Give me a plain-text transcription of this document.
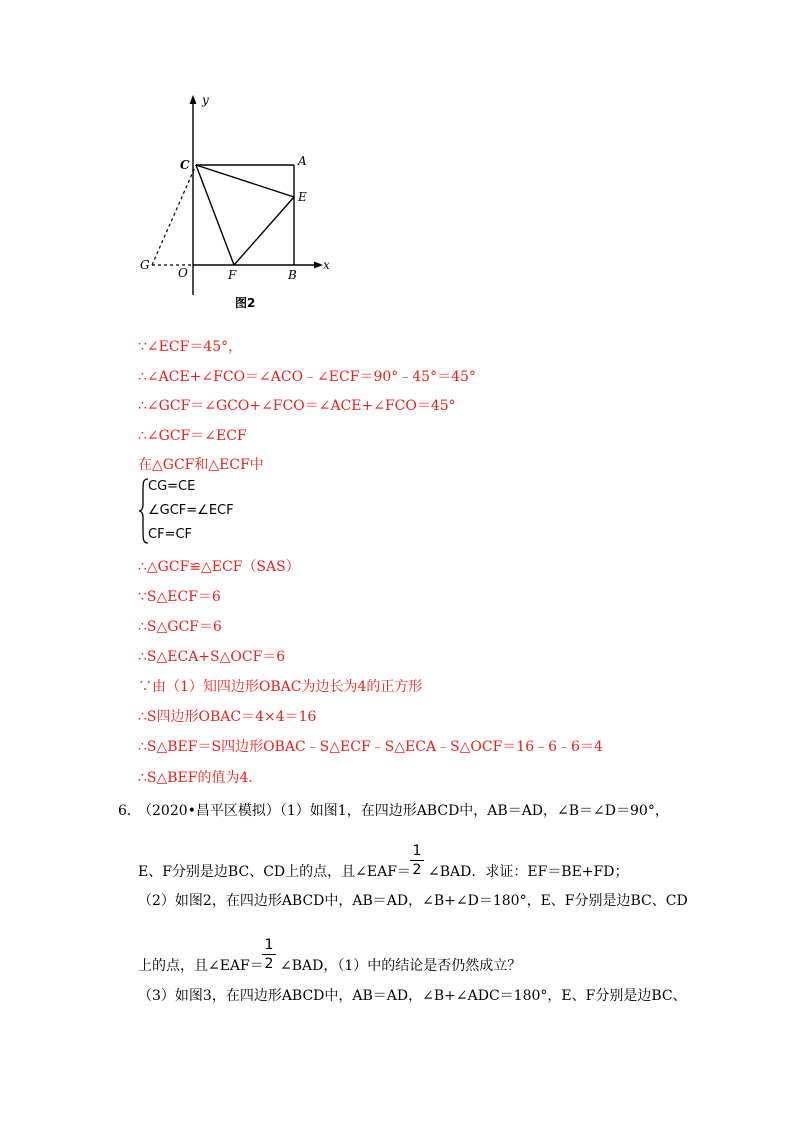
y
x
C	A
E
G
O	F	B
图2
∵∠ECF＝45°，
∴∠ACE+∠FCO＝∠ACO﹣∠ECF＝90°﹣45°＝45°
∴∠GCF＝∠GCO+∠FCO＝∠ACE+∠FCO＝45°
∴∠GCF＝∠ECF
在△GCF和△ECF中
CG=CE
∠GCF=∠ECF
CF=CF
∴△GCF≌△ECF（SAS）
∵S△ECF＝6
∴S△GCF＝6
∴S△ECA+S△OCF＝6
∵由（1）知四边形OBAC为边长为4的正方形
∴S四边形OBAC＝4×4＝16
∴S△BEF＝S四边形OBAC﹣S△ECF﹣S△ECA﹣S△OCF＝16﹣6﹣6＝4
∴S△BEF的值为4．
6．
（2020•昌平区模拟）（1）如图1，在四边形ABCD中，AB＝AD，∠B＝∠D＝90°，
E、F分别是边BC、CD上的点，且∠EAF＝
1
2 ∠BAD．求证：EF＝BE+FD；
（2）如图2，在四边形ABCD中，AB＝AD，∠B+∠D＝180°，E、F分别是边BC、CD
上的点，且∠EAF＝
1
2 ∠BAD，（1）中的结论是否仍然成立？
（3）如图3，在四边形ABCD中，AB＝AD，∠B+∠ADC＝180°，E、F分别是边BC、
